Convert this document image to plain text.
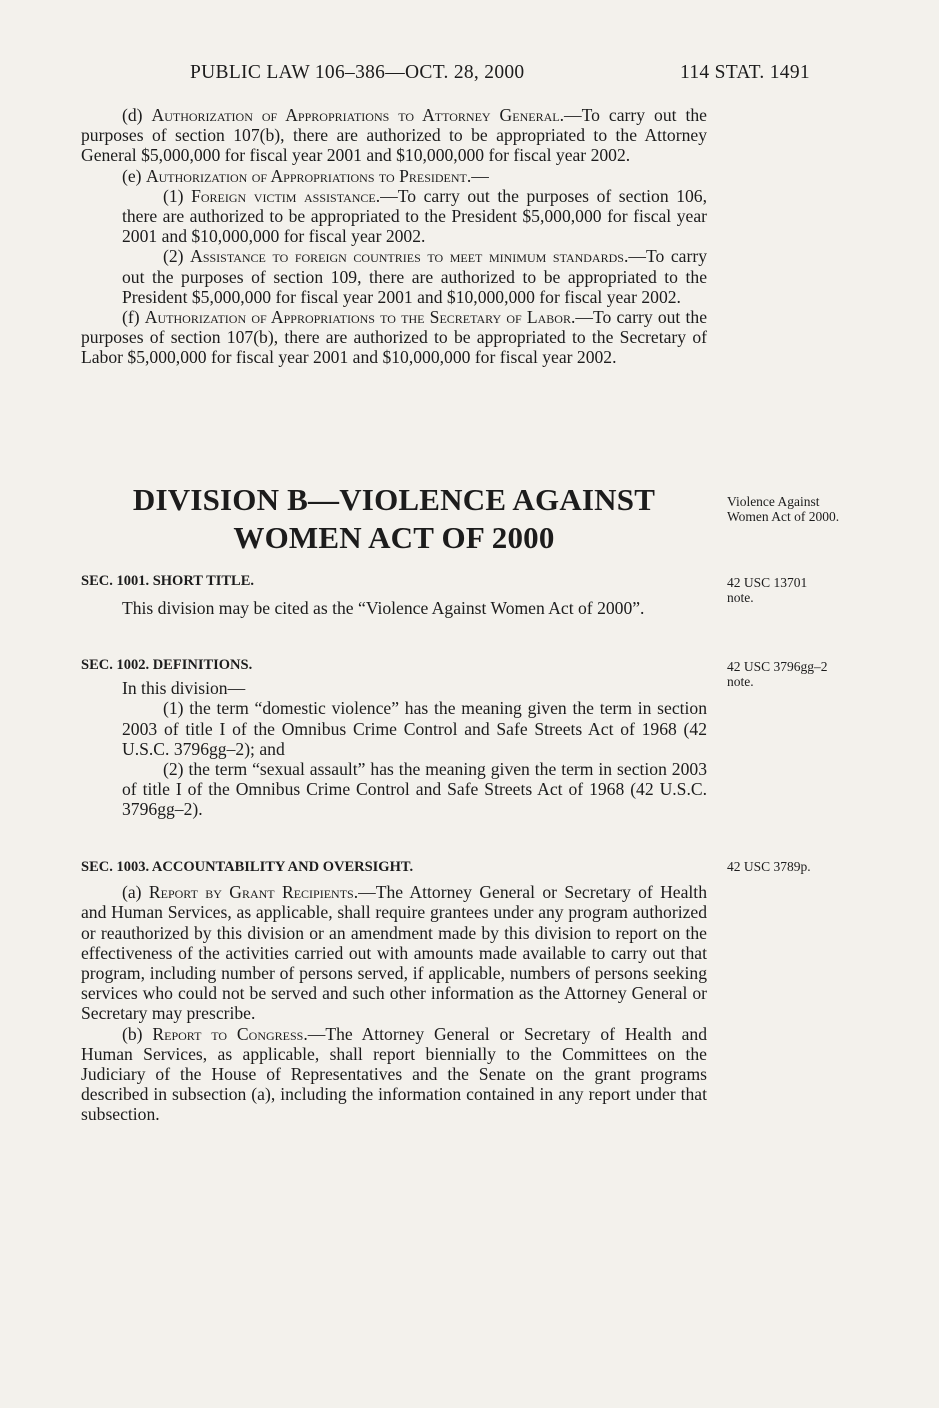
PUBLIC LAW 106–386—OCT. 28, 2000	114 STAT. 1491

(d) Authorization of Appropriations to Attorney General.—To carry out the purposes of section 107(b), there are authorized to be appropriated to the Attorney General $5,000,000 for fiscal year 2001 and $10,000,000 for fiscal year 2002.

(e) Authorization of Appropriations to President.—

(1) Foreign victim assistance.—To carry out the purposes of section 106, there are authorized to be appropriated to the President $5,000,000 for fiscal year 2001 and $10,000,000 for fiscal year 2002.

(2) Assistance to foreign countries to meet minimum standards.—To carry out the purposes of section 109, there are authorized to be appropriated to the President $5,000,000 for fiscal year 2001 and $10,000,000 for fiscal year 2002.

(f) Authorization of Appropriations to the Secretary of Labor.—To carry out the purposes of section 107(b), there are authorized to be appropriated to the Secretary of Labor $5,000,000 for fiscal year 2001 and $10,000,000 for fiscal year 2002.

DIVISION B—VIOLENCE AGAINST
WOMEN ACT OF 2000
Violence Against Women Act of 2000.

SEC. 1001. SHORT TITLE.

This division may be cited as the “Violence Against Women Act of 2000”.

42 USC 13701 note.

SEC. 1002. DEFINITIONS.

In this division—

(1) the term “domestic violence” has the meaning given the term in section 2003 of title I of the Omnibus Crime Control and Safe Streets Act of 1968 (42 U.S.C. 3796gg–2); and

(2) the term “sexual assault” has the meaning given the term in section 2003 of title I of the Omnibus Crime Control and Safe Streets Act of 1968 (42 U.S.C. 3796gg–2).

42 USC 3796gg–2 note.

SEC. 1003. ACCOUNTABILITY AND OVERSIGHT.

(a) Report by Grant Recipients.—The Attorney General or Secretary of Health and Human Services, as applicable, shall require grantees under any program authorized or reauthorized by this division or an amendment made by this division to report on the effectiveness of the activities carried out with amounts made available to carry out that program, including number of persons served, if applicable, numbers of persons seeking services who could not be served and such other information as the Attorney General or Secretary may prescribe.

(b) Report to Congress.—The Attorney General or Secretary of Health and Human Services, as applicable, shall report biennially to the Committees on the Judiciary of the House of Representatives and the Senate on the grant programs described in subsection (a), including the information contained in any report under that subsection.

42 USC 3789p.
